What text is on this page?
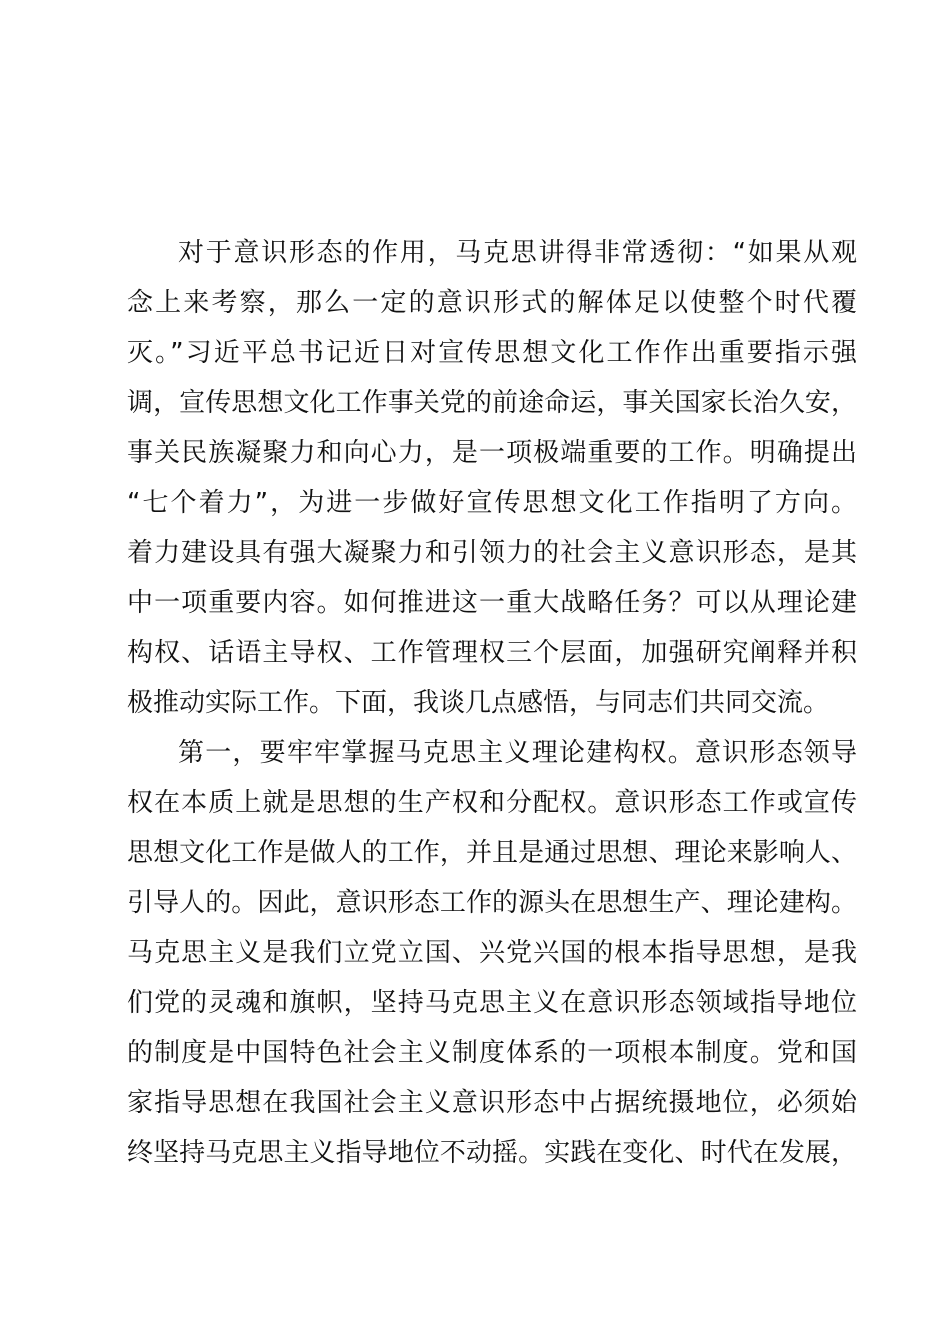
对于意识形态的作用，马克思讲得非常透彻：“如果从观
念上来考察，那么一定的意识形式的解体足以使整个时代覆
灭。”习近平总书记近日对宣传思想文化工作作出重要指示强
调，宣传思想文化工作事关党的前途命运，事关国家长治久安，
事关民族凝聚力和向心力，是一项极端重要的工作。明确提出
“七个着力”，为进一步做好宣传思想文化工作指明了方向。
着力建设具有强大凝聚力和引领力的社会主义意识形态，是其
中一项重要内容。如何推进这一重大战略任务？可以从理论建
构权、话语主导权、工作管理权三个层面，加强研究阐释并积
极推动实际工作。下面，我谈几点感悟，与同志们共同交流。
第一，要牢牢掌握马克思主义理论建构权。意识形态领导
权在本质上就是思想的生产权和分配权。意识形态工作或宣传
思想文化工作是做人的工作，并且是通过思想、理论来影响人、
引导人的。因此，意识形态工作的源头在思想生产、理论建构。
马克思主义是我们立党立国、兴党兴国的根本指导思想，是我
们党的灵魂和旗帜，坚持马克思主义在意识形态领域指导地位
的制度是中国特色社会主义制度体系的一项根本制度。党和国
家指导思想在我国社会主义意识形态中占据统摄地位，必须始
终坚持马克思主义指导地位不动摇。实践在变化、时代在发展，
